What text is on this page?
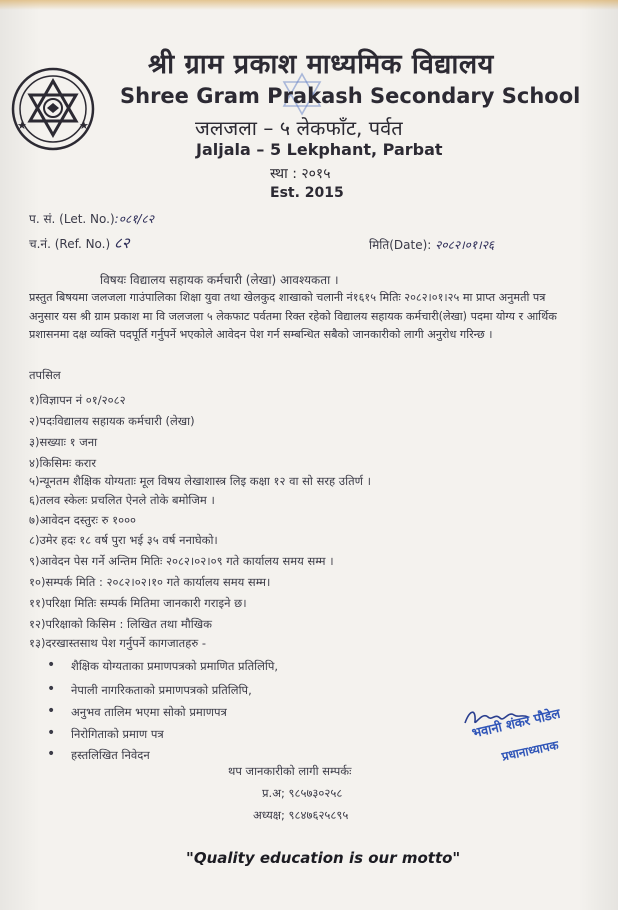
★	★
श्री ग्राम प्रकाश माध्यमिक विद्यालय
Shree Gram Prakash Secondary School
जलजला – ५ लेकफाँट, पर्वत
Jaljala – 5 Lekphant, Parbat
स्था : २०१५
Est. 2015
प. सं. (Let. No.):०८१/८२
च.नं. (Ref. No.) ८२	मिति(Date): २०८२।०१।२६
विषयः विद्यालय सहायक कर्मचारी (लेखा) आवश्यकता ।
प्रस्तुत बिषयमा जलजला गाउंपालिका शिक्षा युवा तथा खेलकुद शाखाको चलानी नं१६१५ मितिः २०८२।०१।२५ मा प्राप्त अनुमती पत्र अनुसार यस श्री ग्राम प्रकाश मा वि जलजला ५ लेकफाट पर्वतमा रिक्त रहेको विद्यालय सहायक कर्मचारी(लेखा) पदमा योग्य र आर्थिक प्रशासनमा दक्ष व्यक्ति पदपूर्ति गर्नुपर्ने भएकोले आवेदन पेश गर्न सम्बन्धित सबैको जानकारीको लागी अनुरोध गरिन्छ ।
तपसिल
१)विज्ञापन नं ०१/२०८२
२)पदःविद्यालय सहायक कर्मचारी (लेखा)
३)सख्याः १ जना
४)किसिमः करार
५)न्यूनतम शैक्षिक योग्यताः मूल विषय लेखाशास्त्र लिइ कक्षा १२ वा सो सरह उतिर्ण ।
६)तलव स्केलः प्रचलित ऐनले तोके बमोजिम ।
७)आवेदन दस्तुरः रु १०००
८)उमेर हदः १८ वर्ष पुरा भई ३५ वर्ष ननाघेको।
९)आवेदन पेस गर्ने अन्तिम मितिः २०८२।०२।०९ गते कार्यालय समय सम्म ।
१०)सम्पर्क मिति : २०८२।०२।१० गते कार्यालय समय सम्म।
११)परिक्षा मितिः सम्पर्क मितिमा जानकारी गराइने छ।
१२)परिक्षाको किसिम : लिखित तथा मौखिक
१३)दरखास्तसाथ पेश गर्नुपर्ने कागजातहरु -
• शैक्षिक योग्यताका प्रमाणपत्रको प्रमाणित प्रतिलिपि,
• नेपाली नागरिकताको प्रमाणपत्रको प्रतिलिपि,
• अनुभव तालिम भएमा सोको प्रमाणपत्र
• निरोगिताको प्रमाण पत्र
• हस्तलिखित निवेदन
भवानी शंकर पौडेल
प्रधानाध्यापक
थप जानकारीको लागी सम्पर्कः
प्र.अ; ९८५७३०२५८
अध्यक्ष; ९८४७६२५८९५
"Quality education is our motto"
